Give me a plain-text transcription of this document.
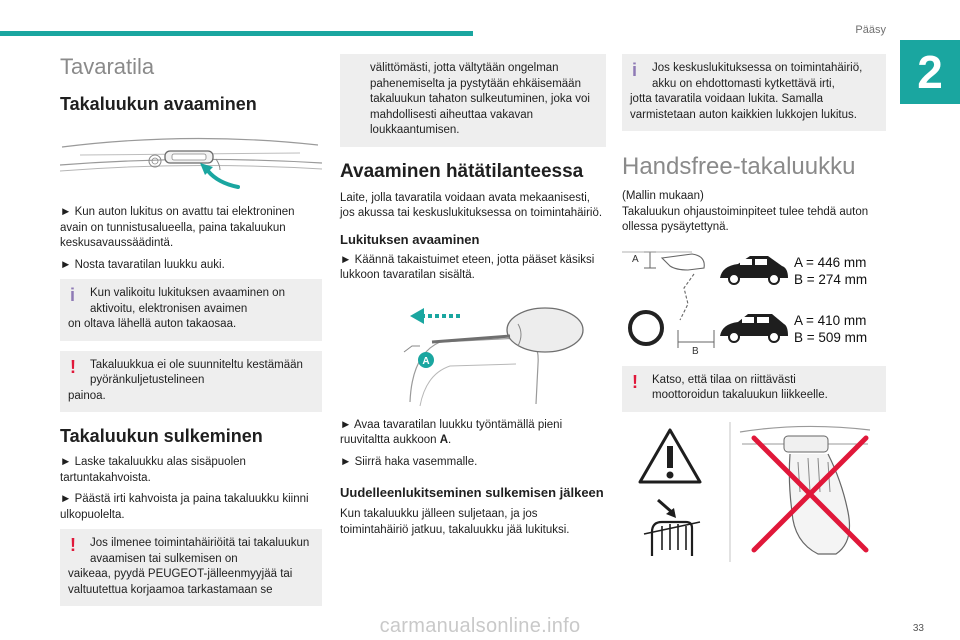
Pääsy
2
Tavaratila
Takaluukun avaaminen

► Kun auton lukitus on avattu tai elektroninen avain on tunnistusalueella, paina takaluukun keskusavaussäädintä.

► Nosta tavaratilan luukku auki.

i	Kun valikoitu lukituksen avaaminen on aktivoitu, elektronisen avaimen
on oltava lähellä auton takaosaa.
!	Takaluukkua ei ole suunniteltu kestämään pyöränkuljetustelineen
painoa.
Takaluukun sulkeminen

► Laske takaluukku alas sisäpuolen tartuntakahvoista.

► Päästä irti kahvoista ja paina takaluukku kiinni ulkopuolelta.

!	Jos ilmenee toimintahäiriöitä tai takaluukun avaamisen tai sulkemisen on
vaikeaa, pyydä PEUGEOT-jälleenmyyjää tai valtuutettua korjaamoa tarkastamaan se
välittömästi, jotta vältytään ongelman pahenemiselta ja pystytään ehkäisemään takaluukun tahaton sulkeutuminen, joka voi mahdollisesti aiheuttaa vakavan loukkaantumisen.
Avaaminen hätätilanteessa

Laite, jolla tavaratila voidaan avata mekaanisesti, jos akussa tai keskuslukituksessa on toimintahäiriö.

Lukituksen avaaminen

► Käännä takaistuimet eteen, jotta pääset käsiksi lukkoon tavaratilan sisältä.

A

► Avaa tavaratilan luukku työntämällä pieni ruuvitaltta aukkoon A.

► Siirrä haka vasemmalle.

Uudelleenlukitseminen sulkemisen jälkeen

Kun takaluukku jälleen suljetaan, ja jos toimintahäiriö jatkuu, takaluukku jää lukituksi.

i	Jos keskuslukituksessa on toimintahäiriö, akku on ehdottomasti kytkettävä irti,
jotta tavaratila voidaan lukita. Samalla varmistetaan auton kaikkien lukkojen lukitus.
Handsfree-takaluukku

(Mallin mukaan)

Takaluukun ohjaustoiminpiteet tulee tehdä auton ollessa pysäytettynä.

A
B
A = 446 mm
B = 274 mm
A = 410 mm
B = 509 mm
!	Katso, että tilaa on riittävästi
moottoroidun takaluukun liikkeelle.
33
carmanualsonline.info
